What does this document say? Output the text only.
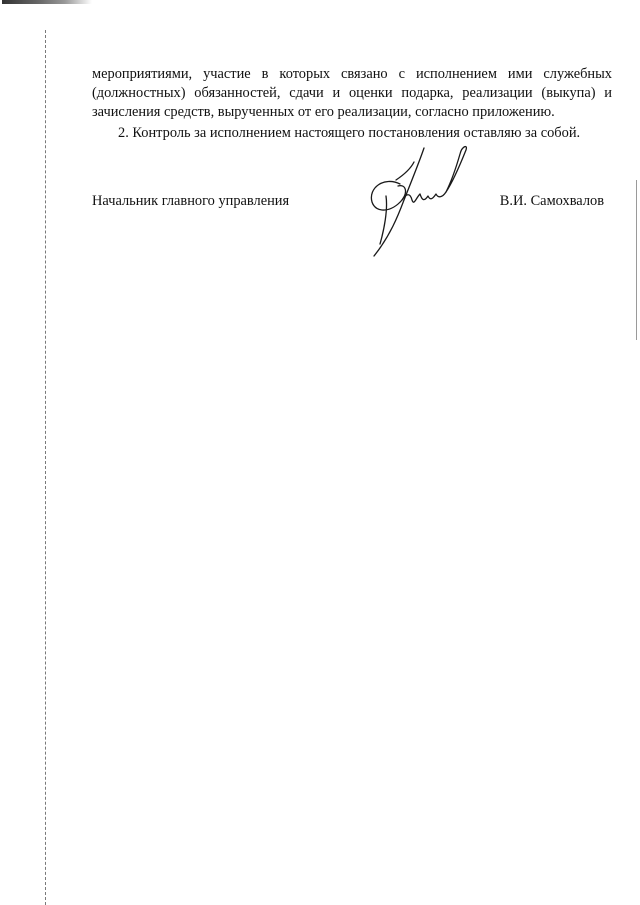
мероприятиями, участие в которых связано с исполнением ими служебных
(должностных) обязанностей, сдачи и оценки подарка, реализации (выкупа) и
зачисления средств, вырученных от его реализации, согласно приложению.
2. Контроль за исполнением настоящего постановления оставляю за собой.
Начальник главного управления	В.И. Самохвалов
